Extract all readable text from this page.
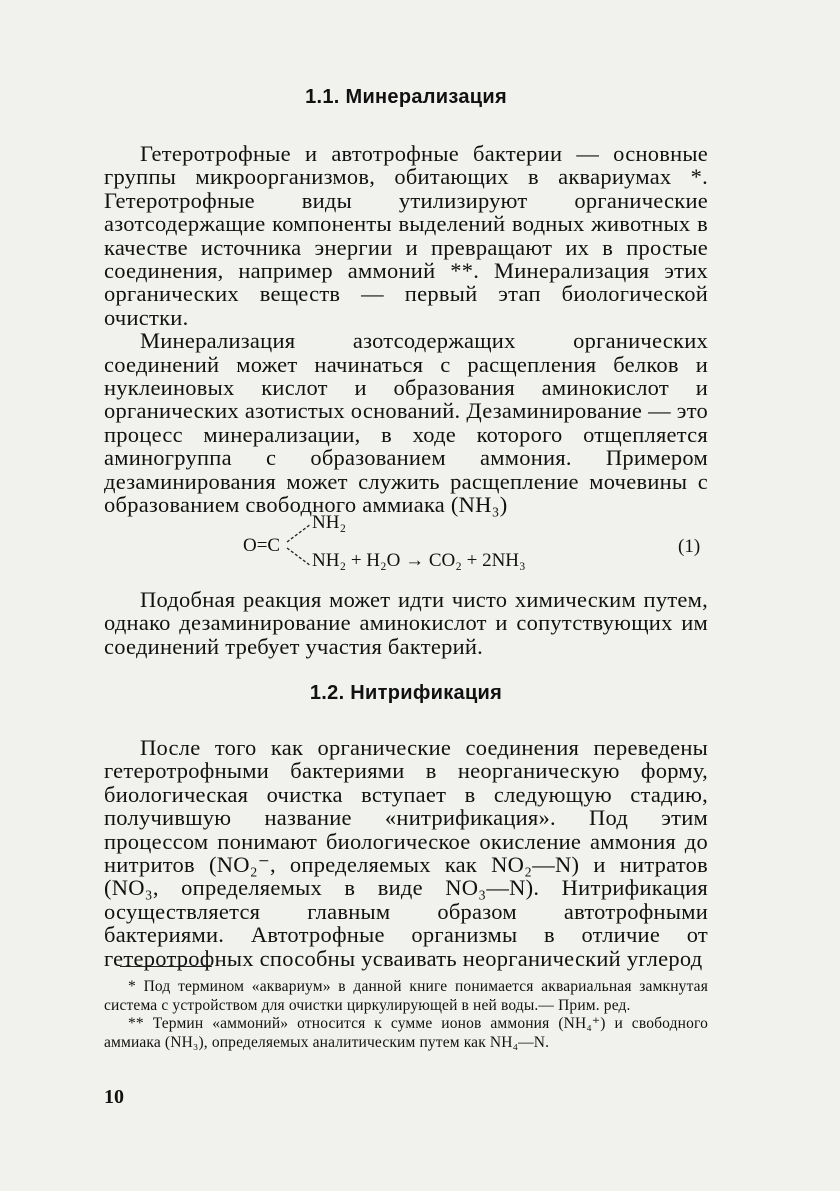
1.1. Минерализация

Гетеротрофные и автотрофные бактерии — основные группы микроорганизмов, обитающих в аквариумах *. Гетеротрофные виды утилизируют органические азотсодержащие компоненты выделений водных животных в качестве источника энергии и превращают их в простые соединения, например аммоний **. Минерализация этих органических веществ — первый этап биологической очистки.

Минерализация азотсодержащих органических соединений может начинаться с расщепления белков и нуклеиновых кислот и образования аминокислот и органических азотистых оснований. Дезаминирование — это процесс минерализации, в ходе которого отщепляется аминогруппа с образованием аммония. Примером дезаминирования может служить расщепление мочевины с образованием свободного аммиака (NH₃)

O=C
NH₂
NH₂ + H₂O → CO₂ + 2NH₃
(1)

Подобная реакция может идти чисто химическим путем, однако дезаминирование аминокислот и сопутствующих им соединений требует участия бактерий.

1.2. Нитрификация

После того как органические соединения переведены гетеротрофными бактериями в неорганическую форму, биологическая очистка вступает в следующую стадию, получившую название «нитрификация». Под этим процессом понимают биологическое окисление аммония до нитритов (NO₂⁻, определяемых как NO₂—N) и нитратов (NO₃, определяемых в виде NO₃—N). Нитрификация осуществляется главным образом автотрофными бактериями. Автотрофные организмы в отличие от гетеротрофных способны усваивать неорганический углерод

* Под термином «аквариум» в данной книге понимается аквариальная замкнутая система с устройством для очистки циркулирующей в ней воды.— Прим. ред.

** Термин «аммоний» относится к сумме ионов аммония (NH₄⁺) и свободного аммиака (NH₃), определяемых аналитическим путем как NH₄—N.

10
